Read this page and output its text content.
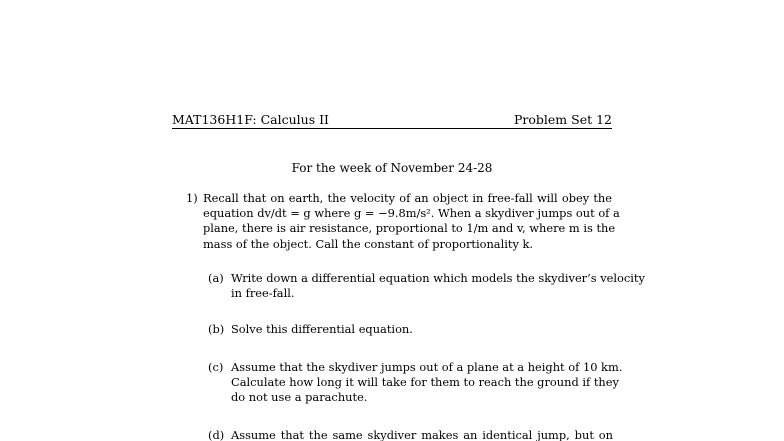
MAT136H1F: Calculus II	Problem Set 12
For the week of November 24-28
1) Recall that on earth, the velocity of an object in free-fall will obey the
equation dv/dt = g where g = −9.8m/s². When a skydiver jumps out of a
plane, there is air resistance, proportional to 1/m and v, where m is the
mass of the object. Call the constant of proportionality k.
(a) Write down a differential equation which models the skydiver’s velocity
in free-fall.
(b) Solve this differential equation.
(c) Assume that the skydiver jumps out of a plane at a height of 10 km.
Calculate how long it will take for them to reach the ground if they
do not use a parachute.
(d) Assume that the same skydiver makes an identical jump, but on
